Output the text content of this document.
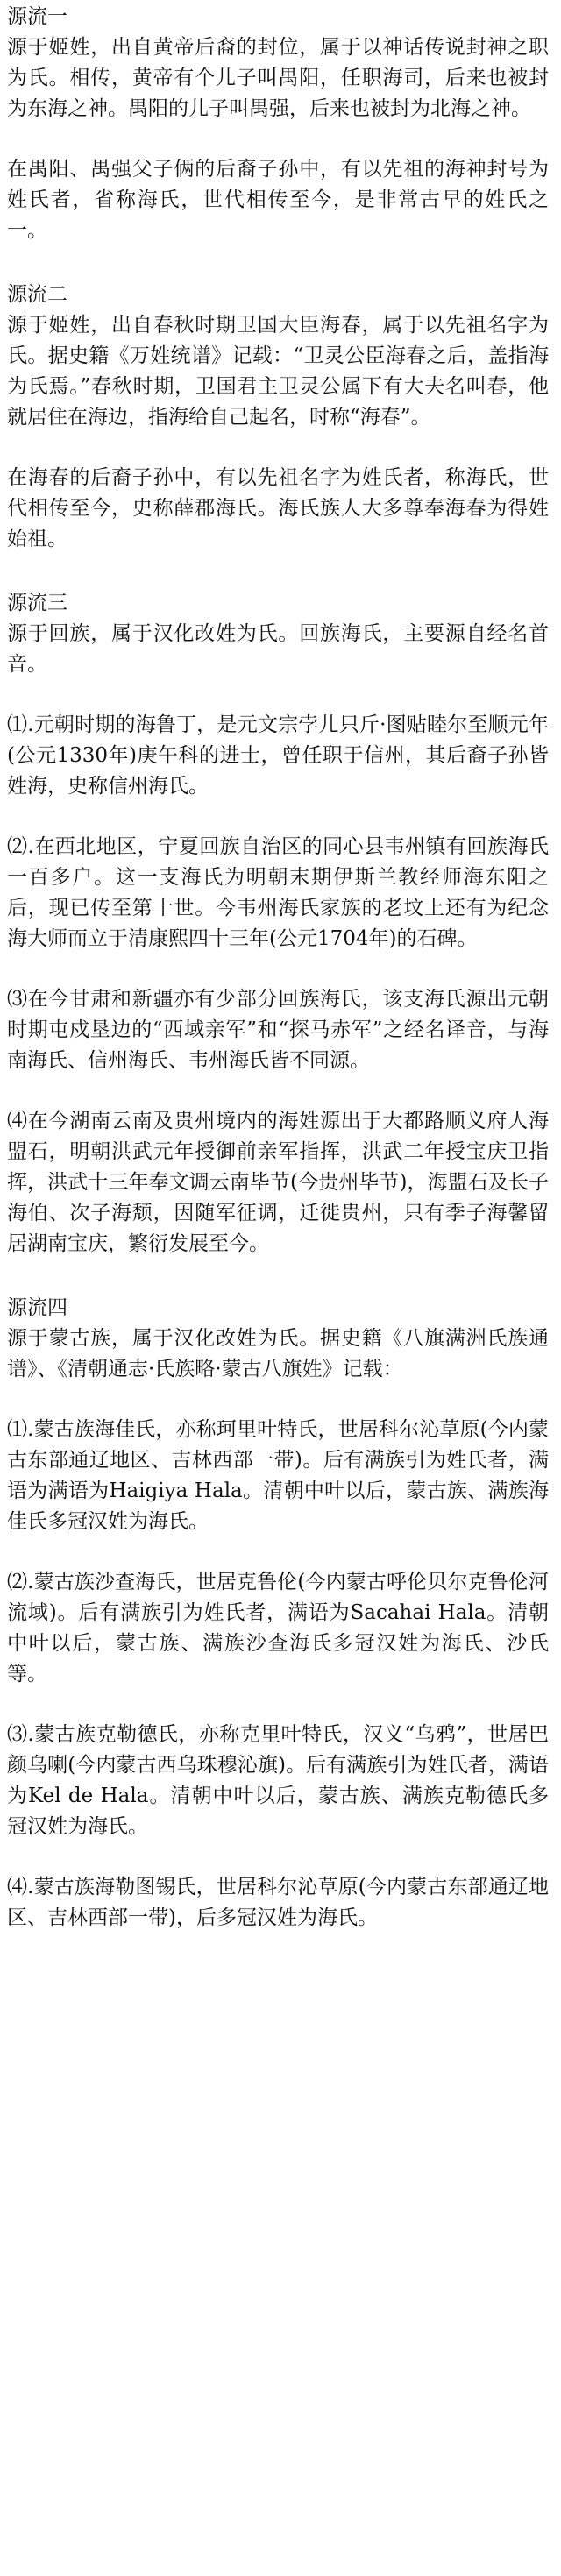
源流一
源于姬姓，出自黄帝后裔的封位，属于以神话传说封神之职为氏。相传，黄帝有个儿子叫禺阳，任职海司，后来也被封为东海之神。禺阳的儿子叫禺强，后来也被封为北海之神。
在禺阳、禺强父子俩的后裔子孙中，有以先祖的海神封号为姓氏者，省称海氏，世代相传至今，是非常古早的姓氏之一。
源流二
源于姬姓，出自春秋时期卫国大臣海春，属于以先祖名字为氏。据史籍《万姓统谱》记载：“卫灵公臣海春之后，盖指海为氏焉。”春秋时期，卫国君主卫灵公属下有大夫名叫春，他就居住在海边，指海给自己起名，时称“海春”。
在海春的后裔子孙中，有以先祖名字为姓氏者，称海氏，世代相传至今，史称薛郡海氏。海氏族人大多尊奉海春为得姓始祖。
源流三
源于回族，属于汉化改姓为氏。回族海氏，主要源自经名首音。
⑴.元朝时期的海鲁丁，是元文宗孛儿只斤·图贴睦尔至顺元年(公元1330年)庚午科的进士，曾任职于信州，其后裔子孙皆姓海，史称信州海氏。
⑵.在西北地区，宁夏回族自治区的同心县韦州镇有回族海氏一百多户。这一支海氏为明朝末期伊斯兰教经师海东阳之后，现已传至第十世。今韦州海氏家族的老坟上还有为纪念海大师而立于清康熙四十三年(公元1704年)的石碑。
⑶在今甘肃和新疆亦有少部分回族海氏，该支海氏源出元朝时期屯戍垦边的“西域亲军”和“探马赤军”之经名译音，与海南海氏、信州海氏、韦州海氏皆不同源。
⑷在今湖南云南及贵州境内的海姓源出于大都路顺义府人海盟石，明朝洪武元年授御前亲军指挥，洪武二年授宝庆卫指挥，洪武十三年奉文调云南毕节(今贵州毕节)，海盟石及长子海伯、次子海颓，因随军征调，迁徙贵州，只有季子海馨留居湖南宝庆，繁衍发展至今。
源流四
源于蒙古族，属于汉化改姓为氏。据史籍《八旗满洲氏族通谱》、《清朝通志·氏族略·蒙古八旗姓》记载：
⑴.蒙古族海佳氏，亦称珂里叶特氏，世居科尔沁草原(今内蒙古东部通辽地区、吉林西部一带)。后有满族引为姓氏者，满语为满语为Haigiya Hala。清朝中叶以后，蒙古族、满族海佳氏多冠汉姓为海氏。
⑵.蒙古族沙查海氏，世居克鲁伦(今内蒙古呼伦贝尔克鲁伦河流域)。后有满族引为姓氏者，满语为Sacahai Hala。清朝中叶以后，蒙古族、满族沙查海氏多冠汉姓为海氏、沙氏等。
⑶.蒙古族克勒德氏，亦称克里叶特氏，汉义“乌鸦”，世居巴颜乌喇(今内蒙古西乌珠穆沁旗)。后有满族引为姓氏者，满语为Kel de Hala。清朝中叶以后，蒙古族、满族克勒德氏多冠汉姓为海氏。
⑷.蒙古族海勒图锡氏，世居科尔沁草原(今内蒙古东部通辽地区、吉林西部一带)，后多冠汉姓为海氏。
